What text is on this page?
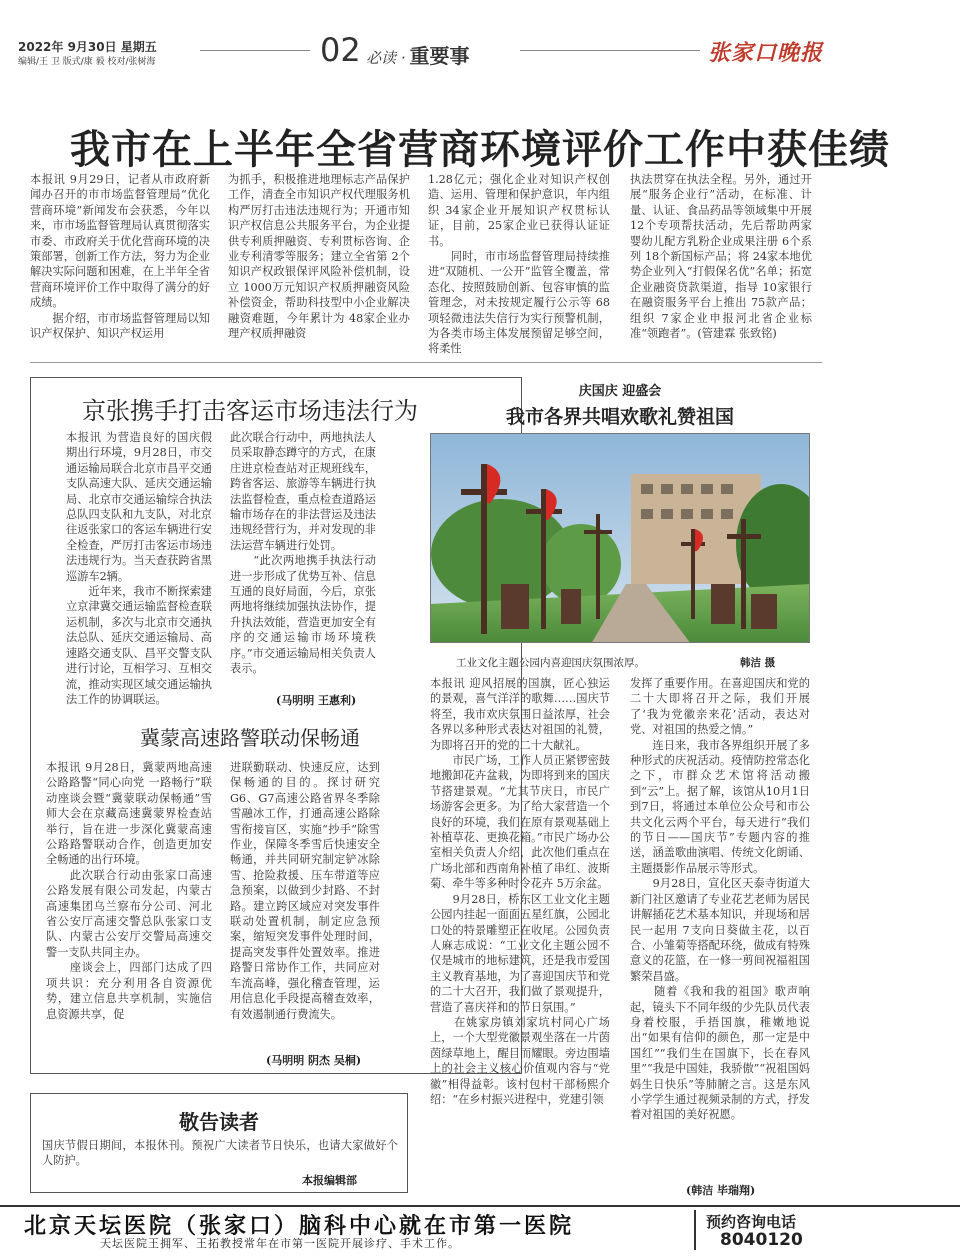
2022年 9月30日 星期五
编辑/王 卫 版式/康 毅 校对/张树海	02 必读 · 重要事	张家口晚报
我市在上半年全省营商环境评价工作中获佳绩
本报讯 9月29日，记者从市政府新闻办召开的市市场监督管理局“优化营商环境”新闻发布会获悉，今年以来，市市场监督管理局认真贯彻落实市委、市政府关于优化营商环境的决策部署，创新工作方法，努力为企业解决实际问题和困难，在上半年全省营商环境评价工作中取得了满分的好成绩。
　　据介绍，市市场监督管理局以知识产权保护、知识产权运用
为抓手，积极推进地理标志产品保护工作，清查全市知识产权代理服务机构严厉打击违法违规行为；开通市知识产权信息公共服务平台，为企业提供专利质押融资、专利贯标咨询、企业专利清零等服务；建立全省第 2个知识产权政银保评风险补偿机制，设立 1000万元知识产权质押融资风险补偿资金，帮助科技型中小企业解决融资难题，今年累计为 48家企业办理产权质押融资
1.28亿元；强化企业对知识产权创造、运用、管理和保护意识，年内组织 34家企业开展知识产权贯标认证，目前，25家企业已获得认证证书。
　　同时，市市场监督管理局持续推进“双随机、一公开”监管全覆盖，常态化、按照鼓励创新、包容审慎的监管理念，对未按规定履行公示等 68项轻微违法失信行为实行预警机制，为各类市场主体发展预留足够空间，将柔性
执法贯穿在执法全程。另外，通过开展“服务企业行”活动，在标准、计量、认证、食品药品等领域集中开展 12个专项帮扶活动，先后帮助两家婴幼儿配方乳粉企业成果注册 6个系列 18个新国标产品；将 24家本地优势企业列入“打假保名优”名单；拓宽企业融资贷款渠道，指导 10家银行在融资服务平台上推出 75款产品；组织 7家企业申报河北省企业标准“领跑者”。(管建霖 张致铭)
京张携手打击客运市场违法行为
本报讯 为营造良好的国庆假期出行环境，9月28日，市交通运输局联合北京市昌平交通支队高速大队、延庆交通运输局、北京市交通运输综合执法总队四支队和九支队，对北京往返张家口的客运车辆进行安全检查，严厉打击客运市场违法违规行为。当天查获跨省黑巡游车2辆。
　　近年来，我市不断探索建立京津冀交通运输监督检查联运机制，多次与北京市交通执法总队、延庆交通运输局、高速路交通支队、昌平交警支队进行讨论，互相学习、互相交流，推动实现区域交通运输执法工作的协调联运。
此次联合行动中，两地执法人员采取静态蹲守的方式，在康庄进京检查站对正规班线车，跨省客运、旅游等车辆进行执法监督检查，重点检查道路运输市场存在的非法营运及违法违规经营行为，并对发现的非法运营车辆进行处罚。
　　“此次两地携手执法行动进一步形成了优势互补、信息互通的良好局面，今后，京张两地将继续加强执法协作，提升执法效能，营造更加安全有序的交通运输市场环境秩序。”市交通运输局相关负责人表示。
(马明明 王惠利)
冀蒙高速路警联动保畅通
本报讯 9月28日，冀蒙两地高速公路路警“同心向党 一路畅行”联动座谈会暨“冀蒙联动保畅通”雪师大会在京藏高速冀蒙界检查站举行，旨在进一步深化冀蒙高速公路路警联动合作，创造更加安全畅通的出行环境。
　　此次联合行动由张家口高速公路发展有限公司发起，内蒙古高速集团乌兰察布分公司、河北省公安厅高速交警总队张家口支队、内蒙古公安厅交警局高速交警一支队共同主办。
　　座谈会上，四部门达成了四项共识：充分利用各自资源优势，建立信息共享机制，实施信息资源共享，促
进联勤联动、快速反应，达到保畅通的目的。探讨研究G6、G7高速公路省界冬季除雪融冰工作，打通高速公路除雪衔接盲区，实施“抄手”除雪作业，保障冬季雪后快速安全畅通，并共同研究制定铲冰除雪、抢险救援、压车带道等应急预案，以做到少封路、不封路。建立跨区域应对突发事件联动处置机制，制定应急预案，缩短突发事件处理时间，提高突发事件处置效率。推进路警日常协作工作，共同应对车流高峰，强化稽查管理，运用信息化手段提高稽查效率，有效遏制通行费流失。
(马明明 阴杰 吴桐)
敬告读者
国庆节假日期间，本报休刊。预祝广大读者节日快乐，也请大家做好个人防护。
本报编辑部
庆国庆 迎盛会
我市各界共唱欢歌礼赞祖国
工业文化主题公园内喜迎国庆氛围浓厚。	韩洁 摄
本报讯 迎风招展的国旗，匠心独运的景观，喜气洋洋的歌舞……国庆节将至，我市欢庆氛围日益浓厚，社会各界以多种形式表达对祖国的礼赞，为即将召开的党的二十大献礼。
　　市民广场，工作人员正紧锣密鼓地搬卸花卉盆栽，为即将到来的国庆节搭建景观。“尤其节庆日，市民广场游客会更多。为了给大家营造一个良好的环境，我们在原有景观基础上补植草花、更换花箱。”市民广场办公室相关负责人介绍，此次他们重点在广场北部和西南角补植了串红、波斯菊、牵牛等多种时令花卉 5万余盆。
　　9月28日，桥东区工业文化主题公园内挂起一面面五星红旗，公园北口处的特景雕塑正在收尾。公园负责人麻志成说：“工业文化主题公园不仅是城市的地标建筑，还是我市爱国主义教育基地，为了喜迎国庆节和党的二十大召开，我们做了景观提升，营造了喜庆祥和的节日氛围。”
　　在姚家房镇刘家坑村同心广场上，一个大型党徽景观坐落在一片茵茵绿草地上，醒目而耀眼。旁边围墙上的社会主义核心价值观内容与“党徽”相得益彰。该村包村干部杨熙介绍：“在乡村振兴进程中，党建引领
发挥了重要作用。在喜迎国庆和党的二十大即将召开之际，我们开展了‘我为党徽亲来花’活动，表达对党、对祖国的热爱之情。”
　　连日来，我市各界组织开展了多种形式的庆祝活动。疫情防控常态化之下，市群众艺术馆将活动搬到“云”上。据了解，该馆从10月1日到7日，将通过本单位公众号和市公共文化云两个平台，每天进行“我们的节日——国庆节”专题内容的推送，涵盖歌曲演唱、传统文化朗诵、主题摄影作品展示等形式。
　　9月28日，宣化区天泰寺街道大新门社区邀请了专业花艺老师为居民讲解插花艺术基本知识，并现场和居民一起用 7支向日葵做主花，以百合、小雏菊等搭配环绕，做成有特殊意义的花篮，在一修一剪间祝福祖国繁荣昌盛。
　　随着《我和我的祖国》歌声响起，镜头下不同年级的少先队员代表身着校服，手捂国旗，稚嫩地说出“如果有信仰的颜色，那一定是中国红”“我们生在国旗下，长在春风里”“我是中国娃，我骄傲”“祝祖国妈妈生日快乐”等肺腑之言。这是东风小学学生通过视频录制的方式，抒发着对祖国的美好祝愿。
(韩洁 毕瑞翔)
北京天坛医院（张家口）脑科中心就在市第一医院
天坛医院王拥军、王拓教授常年在市第一医院开展诊疗、手术工作。
预约咨询电话
8040120
